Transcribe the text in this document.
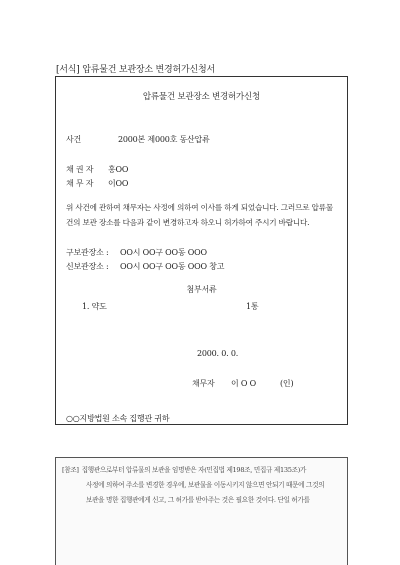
[서식] 압류물건 보관장소 변경허가신청서
압류물건 보관장소 변경허가신청
사건	2000본 제000호 동산압류
채 권 자 홍OO
채 무 자 이OO
위 사건에 관하여 채무자는 사정에 의하여 이사를 하게 되었습니다. 그러므로 압류물건의 보관 장소를 다음과 같이 변경하고자 하오니 허가하여 주시기 바랍니다.
구보관장소 : OO시 OO구 OO동 OOO
신보관장소 : OO시 OO구 OO동 OOO 창고
첨부서류
1. 약도	1통
2000. 0. 0.
채무자 이 O O	(인)
○○지방법원 소속 집행관 귀하
[참조] 집행관으로부터 압류물의 보관을 임명받은 자(민집법 제198조, 민집규 제135조)가
사정에 의하여 주소를 변경한 경우에, 보관물을 이동시키지 않으면 안되기 때문에 그것의
보관을 명한 집행관에게 신고, 그 허가를 받아주는 것은 필요한 것이다. 단일 허가를
